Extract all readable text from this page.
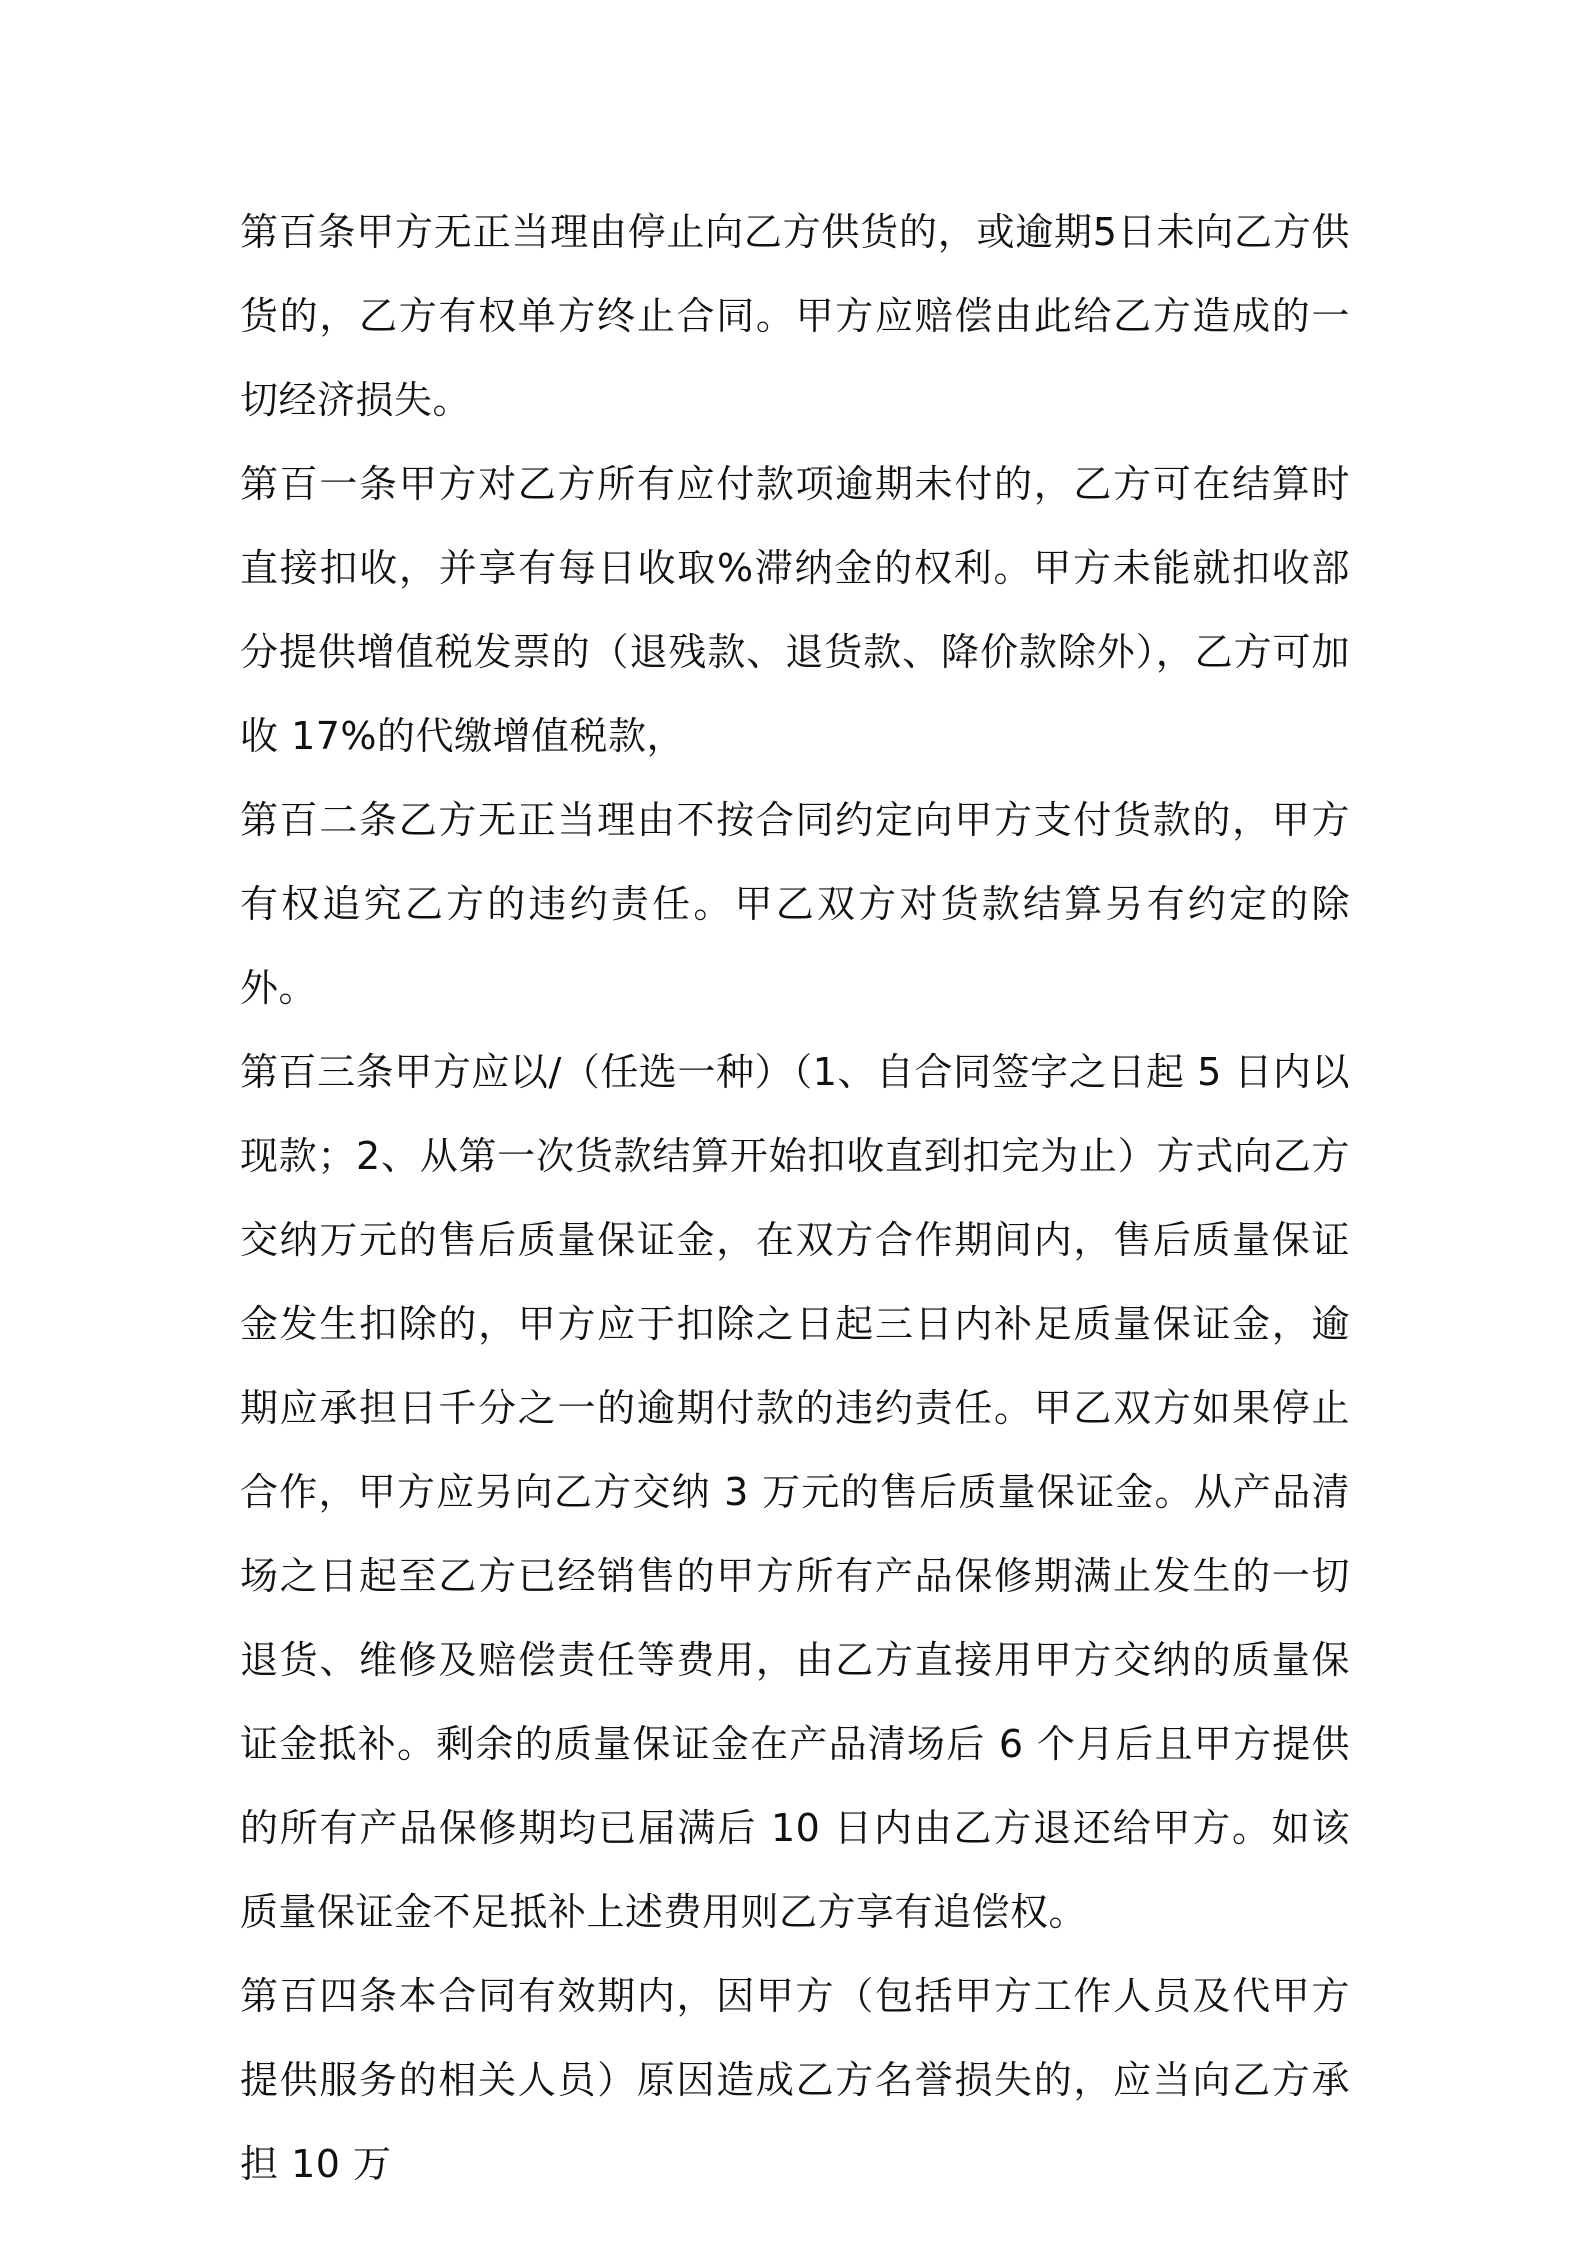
第百条甲方无正当理由停止向乙方供货的，或逾期5日未向乙方供货的，乙方有权单方终止合同。甲方应赔偿由此给乙方造成的一切经济损失。

第百一条甲方对乙方所有应付款项逾期未付的，乙方可在结算时直接扣收，并享有每日收取%滞纳金的权利。甲方未能就扣收部分提供增值税发票的（退残款、退货款、降价款除外），乙方可加收 17%的代缴增值税款，

第百二条乙方无正当理由不按合同约定向甲方支付货款的，甲方有权追究乙方的违约责任。甲乙双方对货款结算另有约定的除外。

第百三条甲方应以/（任选一种）（1、自合同签字之日起 5 日内以现款；2、从第一次货款结算开始扣收直到扣完为止）方式向乙方交纳万元的售后质量保证金，在双方合作期间内，售后质量保证金发生扣除的，甲方应于扣除之日起三日内补足质量保证金，逾期应承担日千分之一的逾期付款的违约责任。甲乙双方如果停止合作，甲方应另向乙方交纳 3 万元的售后质量保证金。从产品清场之日起至乙方已经销售的甲方所有产品保修期满止发生的一切退货、维修及赔偿责任等费用，由乙方直接用甲方交纳的质量保证金抵补。剩余的质量保证金在产品清场后 6 个月后且甲方提供的所有产品保修期均已届满后 10 日内由乙方退还给甲方。如该质量保证金不足抵补上述费用则乙方享有追偿权。

第百四条本合同有效期内，因甲方（包括甲方工作人员及代甲方提供服务的相关人员）原因造成乙方名誉损失的，应当向乙方承担 10 万
